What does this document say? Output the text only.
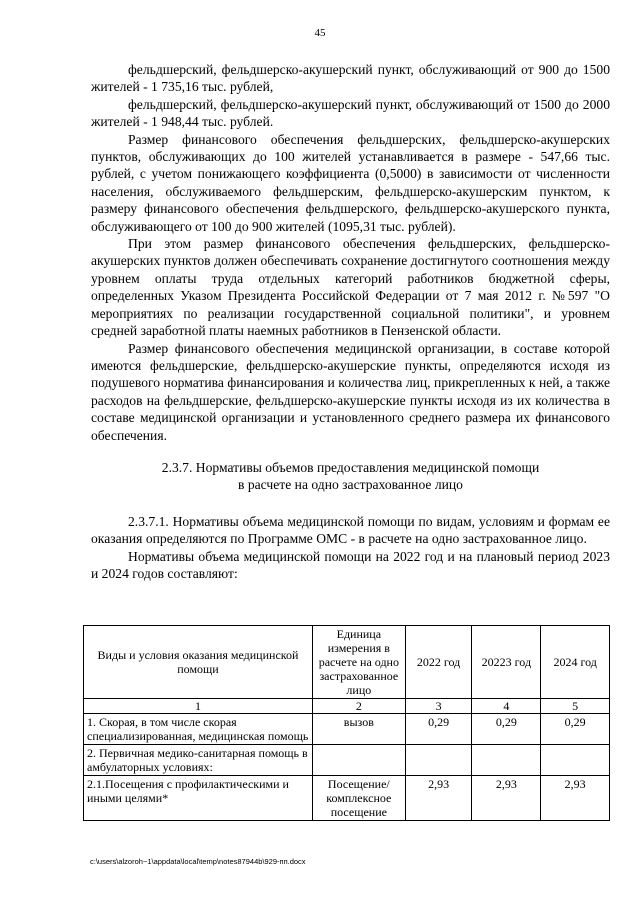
45

фельдшерский, фельдшерско-акушерский пункт, обслуживающий от 900 до 1500 жителей - 1 735,16 тыс. рублей,

фельдшерский, фельдшерско-акушерский пункт, обслуживающий от 1500 до 2000 жителей - 1 948,44 тыс. рублей.

Размер финансового обеспечения фельдшерских, фельдшерско-акушерских пунктов, обслуживающих до 100 жителей устанавливается в размере - 547,66 тыс. рублей, с учетом понижающего коэффициента (0,5000) в зависимости от численности населения, обслуживаемого фельдшерским, фельдшерско-акушерским пунктом, к размеру финансового обеспечения фельдшерского, фельдшерско-акушерского пункта, обслуживающего от 100 до 900 жителей (1095,31 тыс. рублей).

При этом размер финансового обеспечения фельдшерских, фельдшерско-акушерских пунктов должен обеспечивать сохранение достигнутого соотношения между уровнем оплаты труда отдельных категорий работников бюджетной сферы, определенных Указом Президента Российской Федерации от 7 мая 2012 г. №597 "О мероприятиях по реализации государственной социальной политики", и уровнем средней заработной платы наемных работников в Пензенской области.

Размер финансового обеспечения медицинской организации, в составе которой имеются фельдшерские, фельдшерско-акушерские пункты, определяются исходя из подушевого норматива финансирования и количества лиц, прикрепленных к ней, а также расходов на фельдшерские, фельдшерско-акушерские пункты исходя из их количества в составе медицинской организации и установленного среднего размера их финансового обеспечения.

2.3.7. Нормативы объемов предоставления медицинской помощи
в расчете на одно застрахованное лицо

2.3.7.1. Нормативы объема медицинской помощи по видам, условиям и формам ее оказания определяются по Программе ОМС - в расчете на одно застрахованное лицо.

Нормативы объема медицинской помощи на 2022 год и на плановый период 2023 и 2024 годов составляют:

Виды и условия оказания медицинской помощи	Единица измерения в расчете на одно застрахованное лицо	2022 год	20223 год	2024 год
1	2	3	4	5
1. Скорая, в том числе скорая специализированная, медицинская помощь	вызов	0,29	0,29	0,29
2. Первичная медико-санитарная помощь в амбулаторных условиях:				
2.1.Посещения с профилактическими и иными целями*	Посещение/ комплексное посещение	2,93	2,93	2,93
c:\users\alzoroh~1\appdata\local\temp\notes87944b\929-пп.docx
